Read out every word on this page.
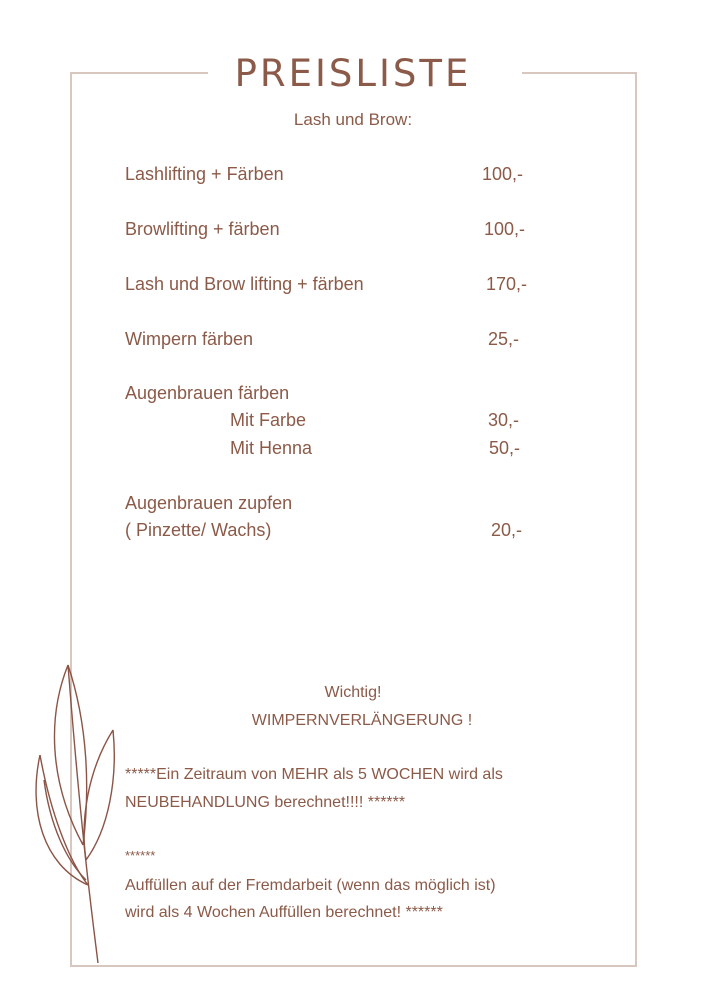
PREISLISTE
Lash und Brow:
Lashlifting + Färben	100,-
Browlifting + färben	100,-
Lash und Brow lifting + färben	170,-
Wimpern färben	25,-
Augenbrauen färben
Mit Farbe	30,-
Mit Henna	50,-
Augenbrauen zupfen
( Pinzette/ Wachs)	20,-
Wichtig!
WIMPERNVERLÄNGERUNG !
*****Ein Zeitraum von MEHR als 5 WOCHEN wird als
NEUBEHANDLUNG berechnet!!!! ******
******
Auffüllen auf der Fremdarbeit (wenn das möglich ist)
wird als 4 Wochen Auffüllen berechnet! ******
